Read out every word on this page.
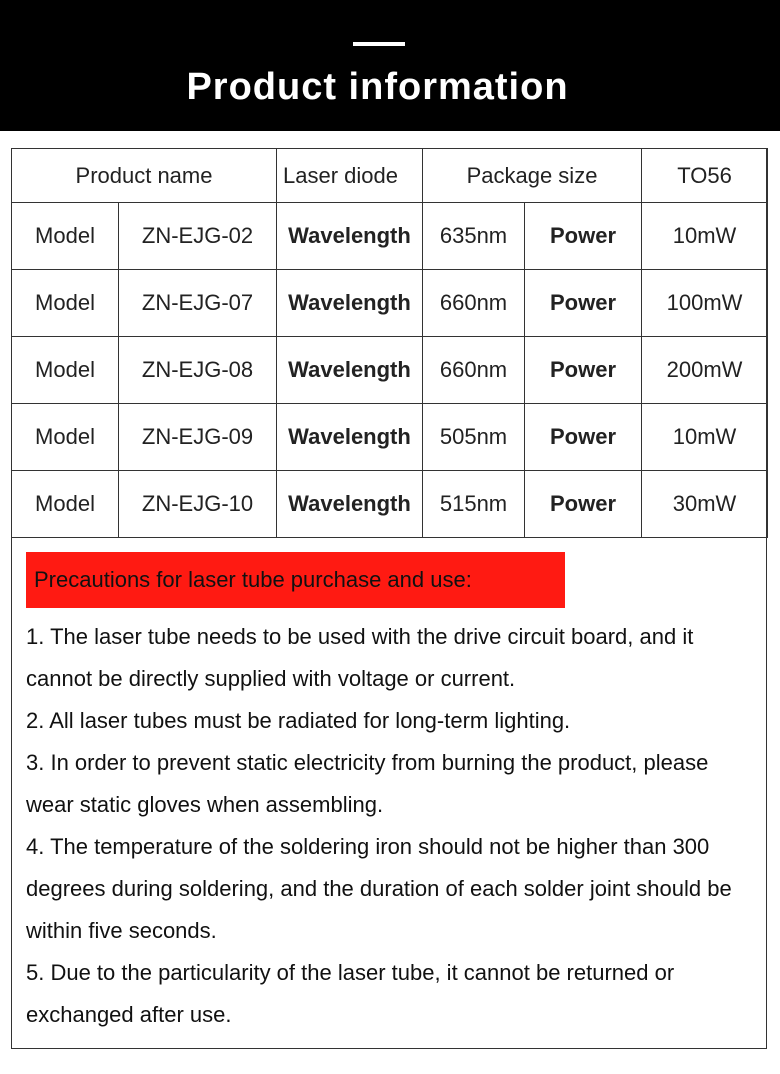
Product information
Product name		Laser diode	Package size		TO56
Model	ZN-EJG-02	Wavelength	635nm	Power	10mW
Model	ZN-EJG-07	Wavelength	660nm	Power	100mW
Model	ZN-EJG-08	Wavelength	660nm	Power	200mW
Model	ZN-EJG-09	Wavelength	505nm	Power	10mW
Model	ZN-EJG-10	Wavelength	515nm	Power	30mW
Precautions for laser tube purchase and use:

1. The laser tube needs to be used with the drive circuit board, and it cannot be directly supplied with voltage or current.

2. All laser tubes must be radiated for long-term lighting.

3. In order to prevent static electricity from burning the product, please wear static gloves when assembling.

4. The temperature of the soldering iron should not be higher than 300 degrees during soldering, and the duration of each solder joint should be within five seconds.

5. Due to the particularity of the laser tube, it cannot be returned or exchanged after use.
